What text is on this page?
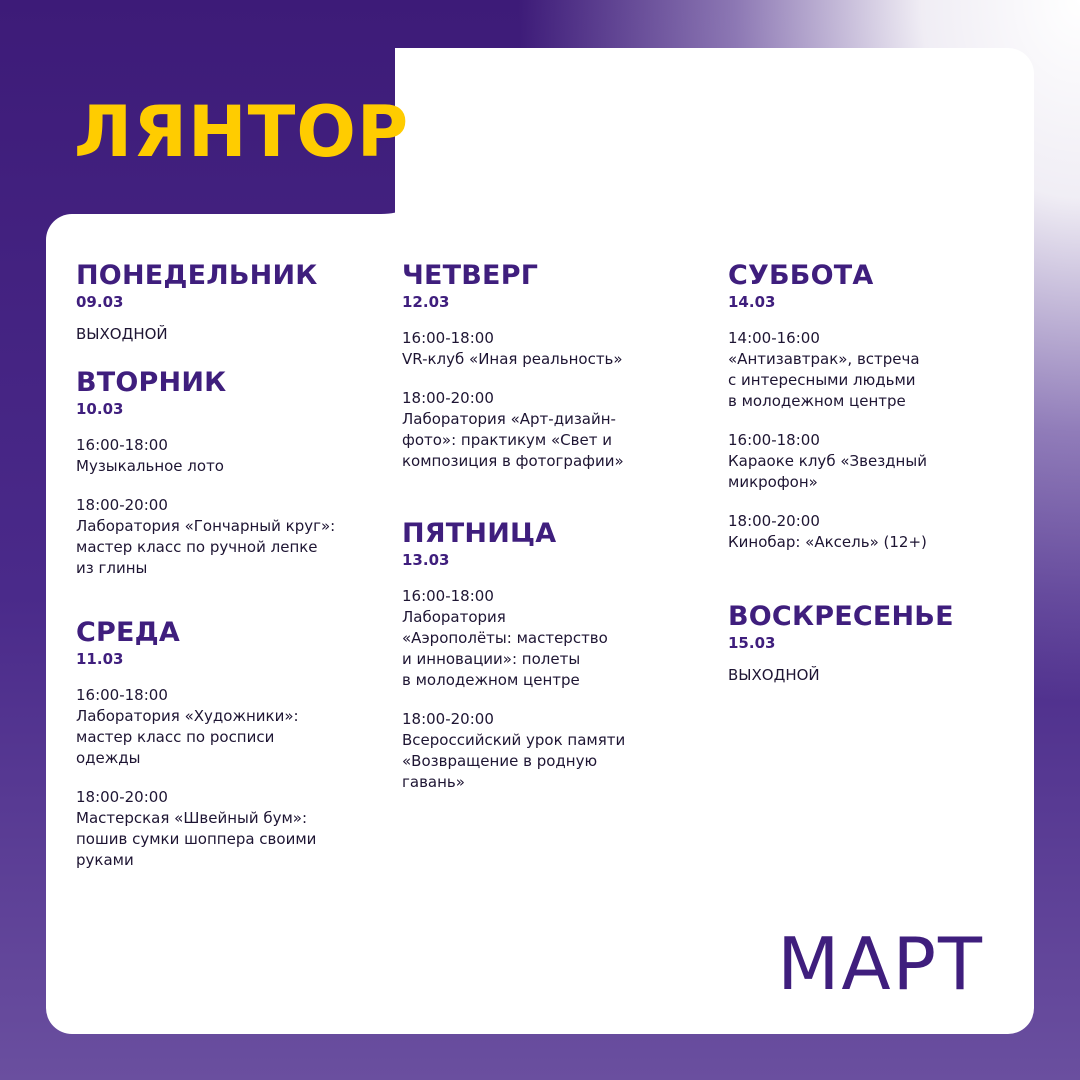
ЛЯНТОР
ПОНЕДЕЛЬНИК
09.03
ВЫХОДНОЙ
ВТОРНИК
10.03
16:00-18:00
Музыкальное лото
18:00-20:00
Лаборатория «Гончарный круг»:
мастер класс по ручной лепке
из глины
СРЕДА
11.03
16:00-18:00
Лаборатория «Художники»:
мастер класс по росписи
одежды
18:00-20:00
Мастерская «Швейный бум»:
пошив сумки шоппера своими
руками
ЧЕТВЕРГ
12.03
16:00-18:00
VR-клуб «Иная реальность»
18:00-20:00
Лаборатория «Арт-дизайн-
фото»: практикум «Свет и
композиция в фотографии»
ПЯТНИЦА
13.03
16:00-18:00
Лаборатория
«Аэрополёты: мастерство
и инновации»: полеты
в молодежном центре
18:00-20:00
Всероссийский урок памяти
«Возвращение в родную
гавань»
СУББОТА
14.03
14:00-16:00
«Антизавтрак», встреча
с интересными людьми
в молодежном центре
16:00-18:00
Караоке клуб «Звездный
микрофон»
18:00-20:00
Кинобар: «Аксель» (12+)
ВОСКРЕСЕНЬЕ
15.03
ВЫХОДНОЙ
МАРТ
